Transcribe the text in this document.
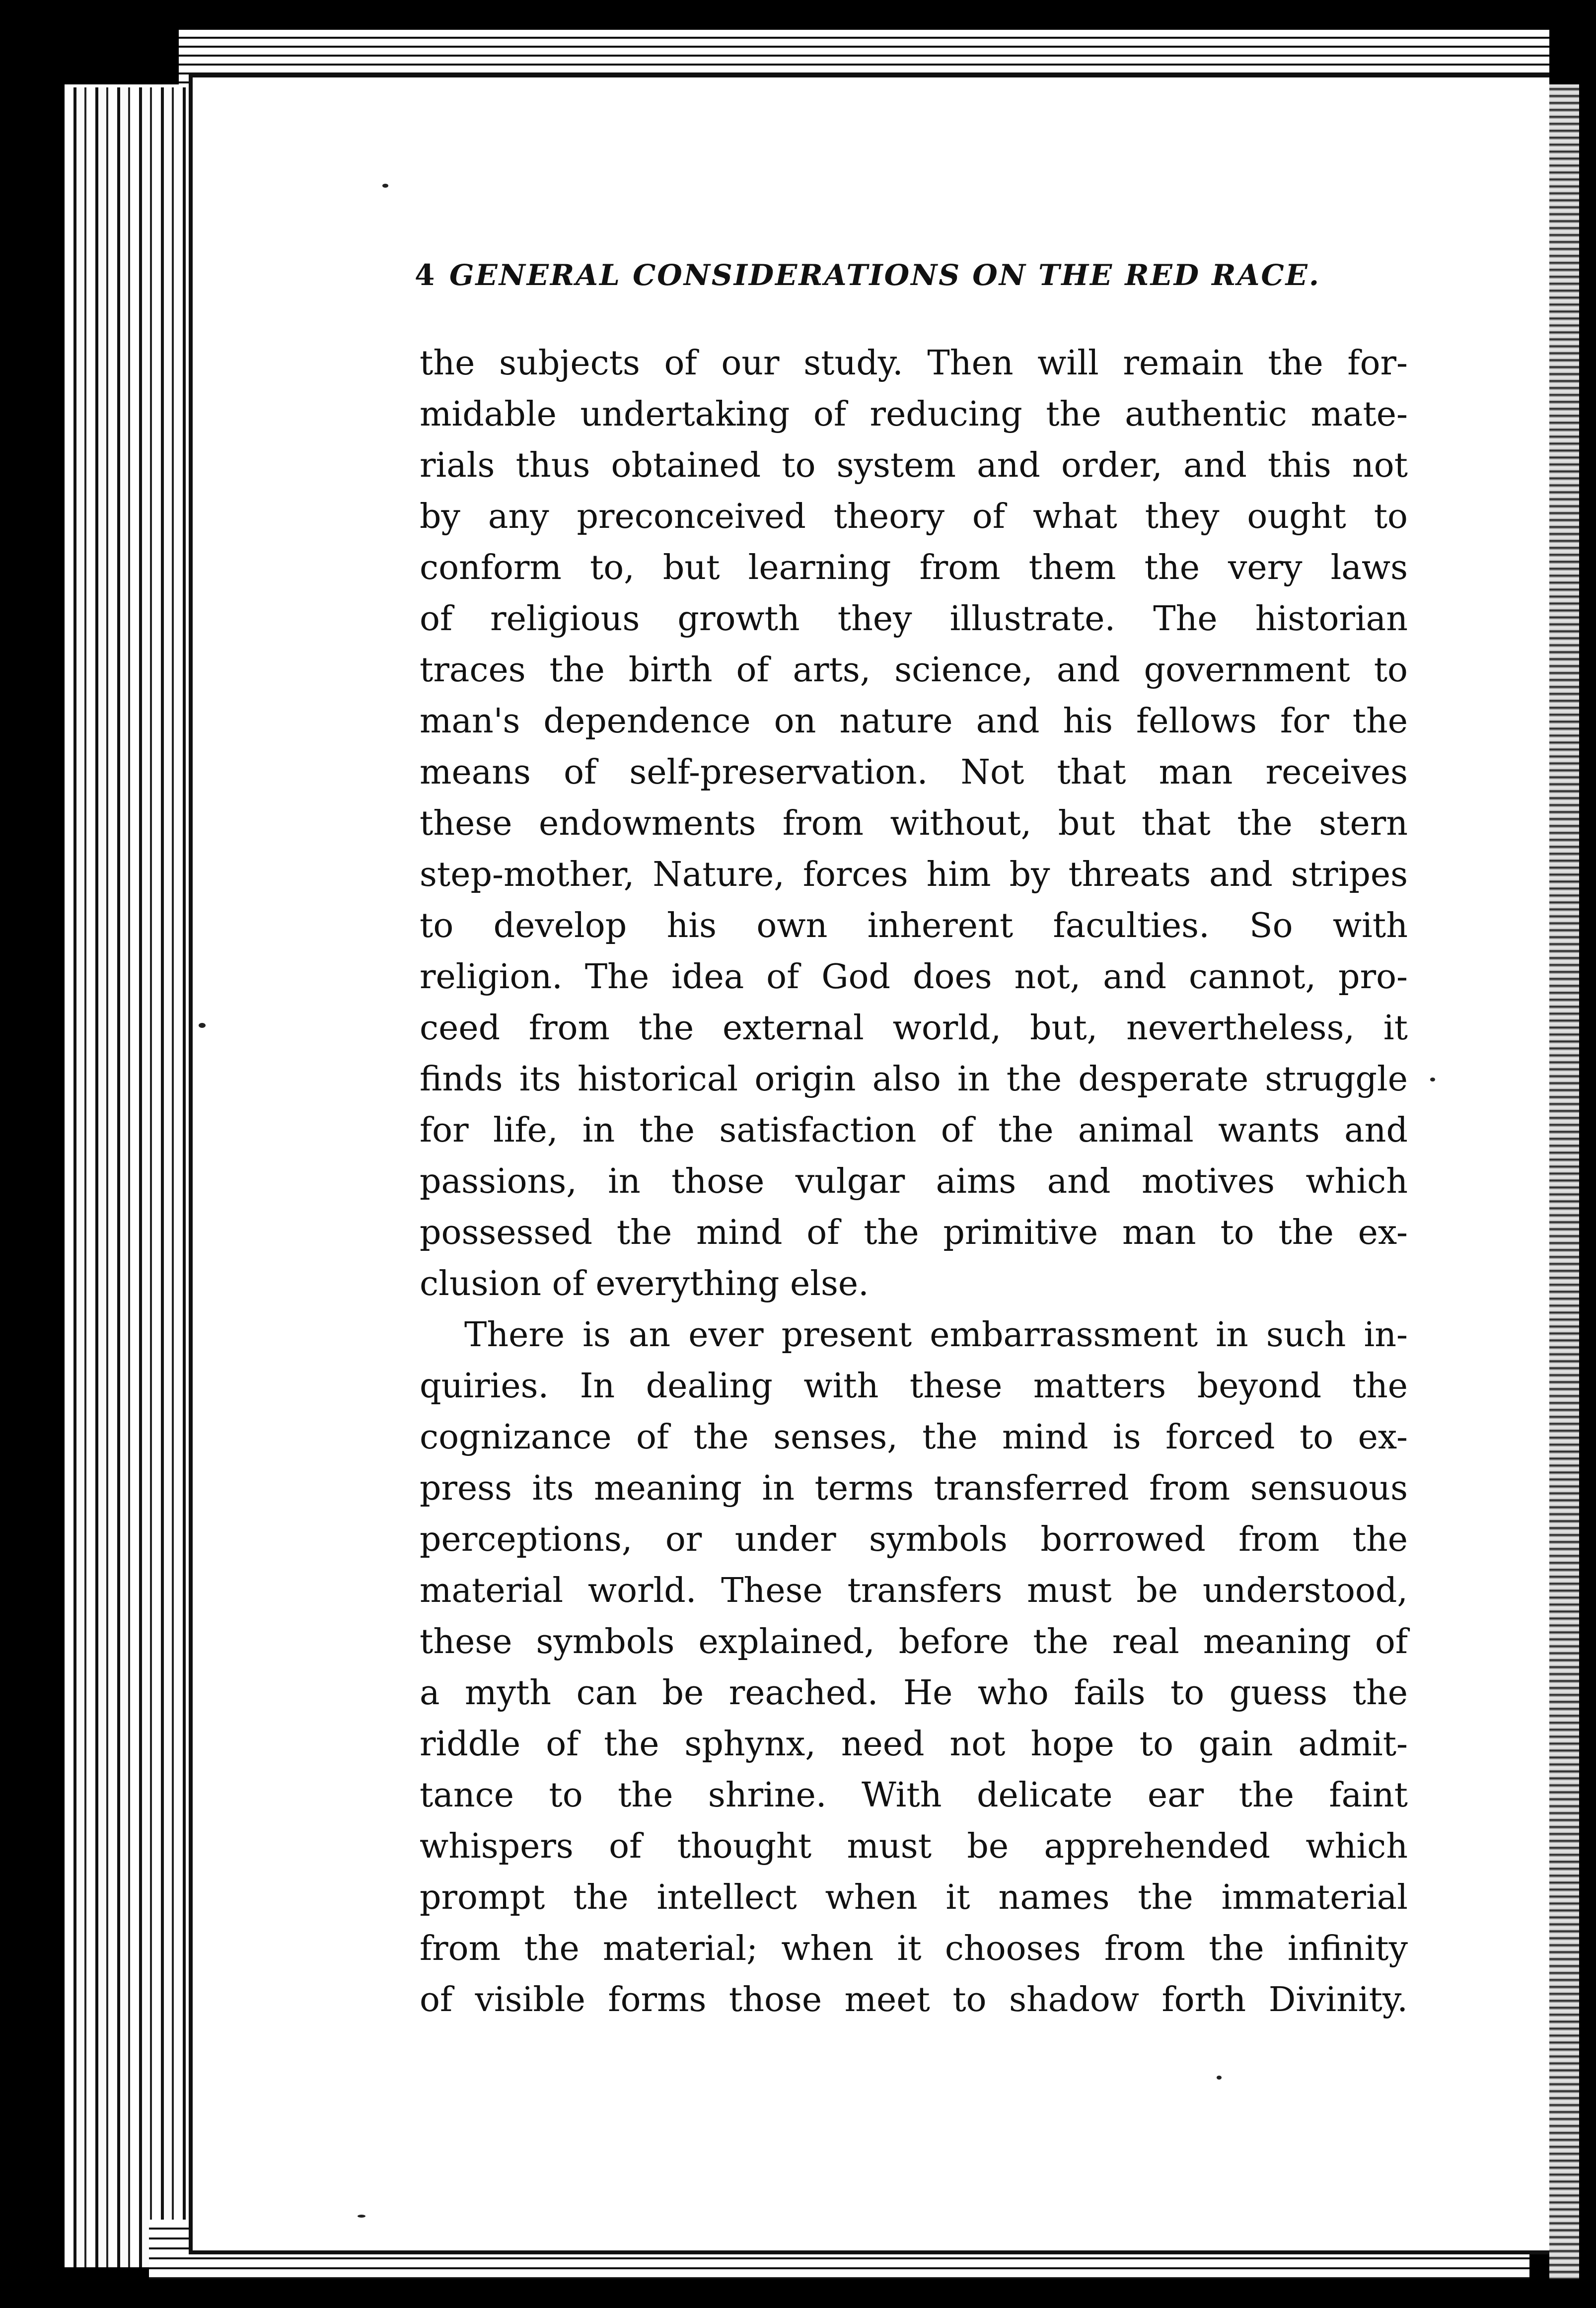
4 GENERAL CONSIDERATIONS ON THE RED RACE.
the subjects of our study. Then will remain the for-
midable undertaking of reducing the authentic mate-
rials thus obtained to system and order, and this not
by any preconceived theory of what they ought to
conform to, but learning from them the very laws
of religious growth they illustrate. The historian
traces the birth of arts, science, and government to
man's dependence on nature and his fellows for the
means of self-preservation. Not that man receives
these endowments from without, but that the stern
step-mother, Nature, forces him by threats and stripes
to develop his own inherent faculties. So with
religion. The idea of God does not, and cannot, pro-
ceed from the external world, but, nevertheless, it
finds its historical origin also in the desperate struggle
for life, in the satisfaction of the animal wants and
passions, in those vulgar aims and motives which
possessed the mind of the primitive man to the ex-
clusion of everything else.
There is an ever present embarrassment in such in-
quiries. In dealing with these matters beyond the
cognizance of the senses, the mind is forced to ex-
press its meaning in terms transferred from sensuous
perceptions, or under symbols borrowed from the
material world. These transfers must be understood,
these symbols explained, before the real meaning of
a myth can be reached. He who fails to guess the
riddle of the sphynx, need not hope to gain admit-
tance to the shrine. With delicate ear the faint
whispers of thought must be apprehended which
prompt the intellect when it names the immaterial
from the material; when it chooses from the infinity
of visible forms those meet to shadow forth Divinity.
